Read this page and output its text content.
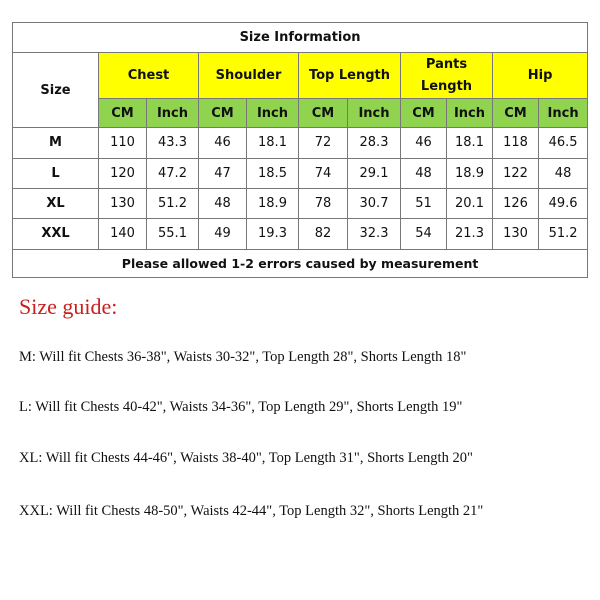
Size Information										
Size	Chest		Shoulder		Top Length		Pants Length		Hip	
	CM	Inch	CM	Inch	CM	Inch	CM	Inch	CM	Inch
M	110	43.3	46	18.1	72	28.3	46	18.1	118	46.5
L	120	47.2	47	18.5	74	29.1	48	18.9	122	48
XL	130	51.2	48	18.9	78	30.7	51	20.1	126	49.6
XXL	140	55.1	49	19.3	82	32.3	54	21.3	130	51.2
Please allowed 1-2 errors caused by measurement										
Size guide:

M: Will fit Chests 36-38", Waists 30-32", Top Length 28", Shorts Length 18"

L: Will fit Chests 40-42", Waists 34-36", Top Length 29", Shorts Length 19"

XL: Will fit Chests 44-46", Waists 38-40", Top Length 31", Shorts Length 20"

XXL: Will fit Chests 48-50", Waists 42-44", Top Length 32", Shorts Length 21"
